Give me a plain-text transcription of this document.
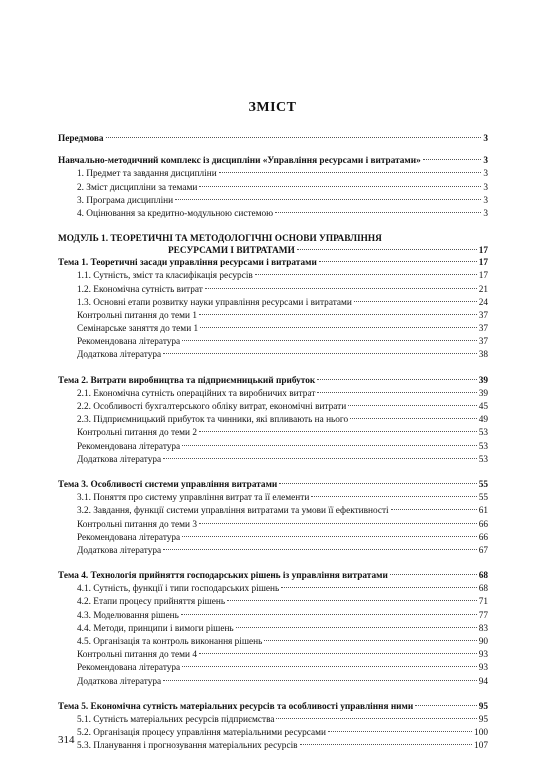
ЗМІСТ
Передмова	3
Навчально-методичний комплекс із дисципліни «Управління ресурсами і витратами»	3
1. Предмет та завдання дисципліни	3
2. Зміст дисципліни за темами	3
3. Програма дисципліни	3
4. Оцінювання за кредитно-модульною системою	3
МОДУЛЬ 1. ТЕОРЕТИЧНІ ТА МЕТОДОЛОГІЧНІ ОСНОВИ УПРАВЛІННЯ
РЕСУРСАМИ І ВИТРАТАМИ	17
Тема 1. Теоретичні засади управління ресурсами і витратами	17
1.1. Сутність, зміст та класифікація ресурсів	17
1.2. Економічна сутність витрат	21
1.3. Основні етапи розвитку науки управління ресурсами і витратами	24
Контрольні питання до теми 1	37
Семінарське заняття до теми 1	37
Рекомендована література	37
Додаткова література	38
Тема 2. Витрати виробництва та підприємницький прибуток	39
2.1. Економічна сутність операційних та виробничих витрат	39
2.2. Особливості бухгалтерського обліку витрат, економічні витрати	45
2.3. Підприємницький прибуток та чинники, які впливають на нього	49
Контрольні питання до теми 2	53
Рекомендована література	53
Додаткова література	53
Тема 3. Особливості системи управління витратами	55
3.1. Поняття про систему управління витрат та її елементи	55
3.2. Завдання, функції системи управління витратами та умови її ефективності	61
Контрольні питання до теми 3	66
Рекомендована література	66
Додаткова література	67
Тема 4. Технологія прийняття господарських рішень із управління витратами	68
4.1. Сутність, функції і типи господарських рішень	68
4.2. Етапи процесу прийняття рішень	71
4.3. Моделювання рішень	77
4.4. Методи, принципи і вимоги рішень	83
4.5. Організація та контроль виконання рішень	90
Контрольні питання до теми 4	93
Рекомендована література	93
Додаткова література	94
Тема 5. Економічна сутність матеріальних ресурсів та особливості управління ними	95
5.1. Сутність матеріальних ресурсів підприємства	95
5.2. Організація процесу управління матеріальними ресурсами	100
5.3. Планування і прогнозування матеріальних ресурсів	107
314
